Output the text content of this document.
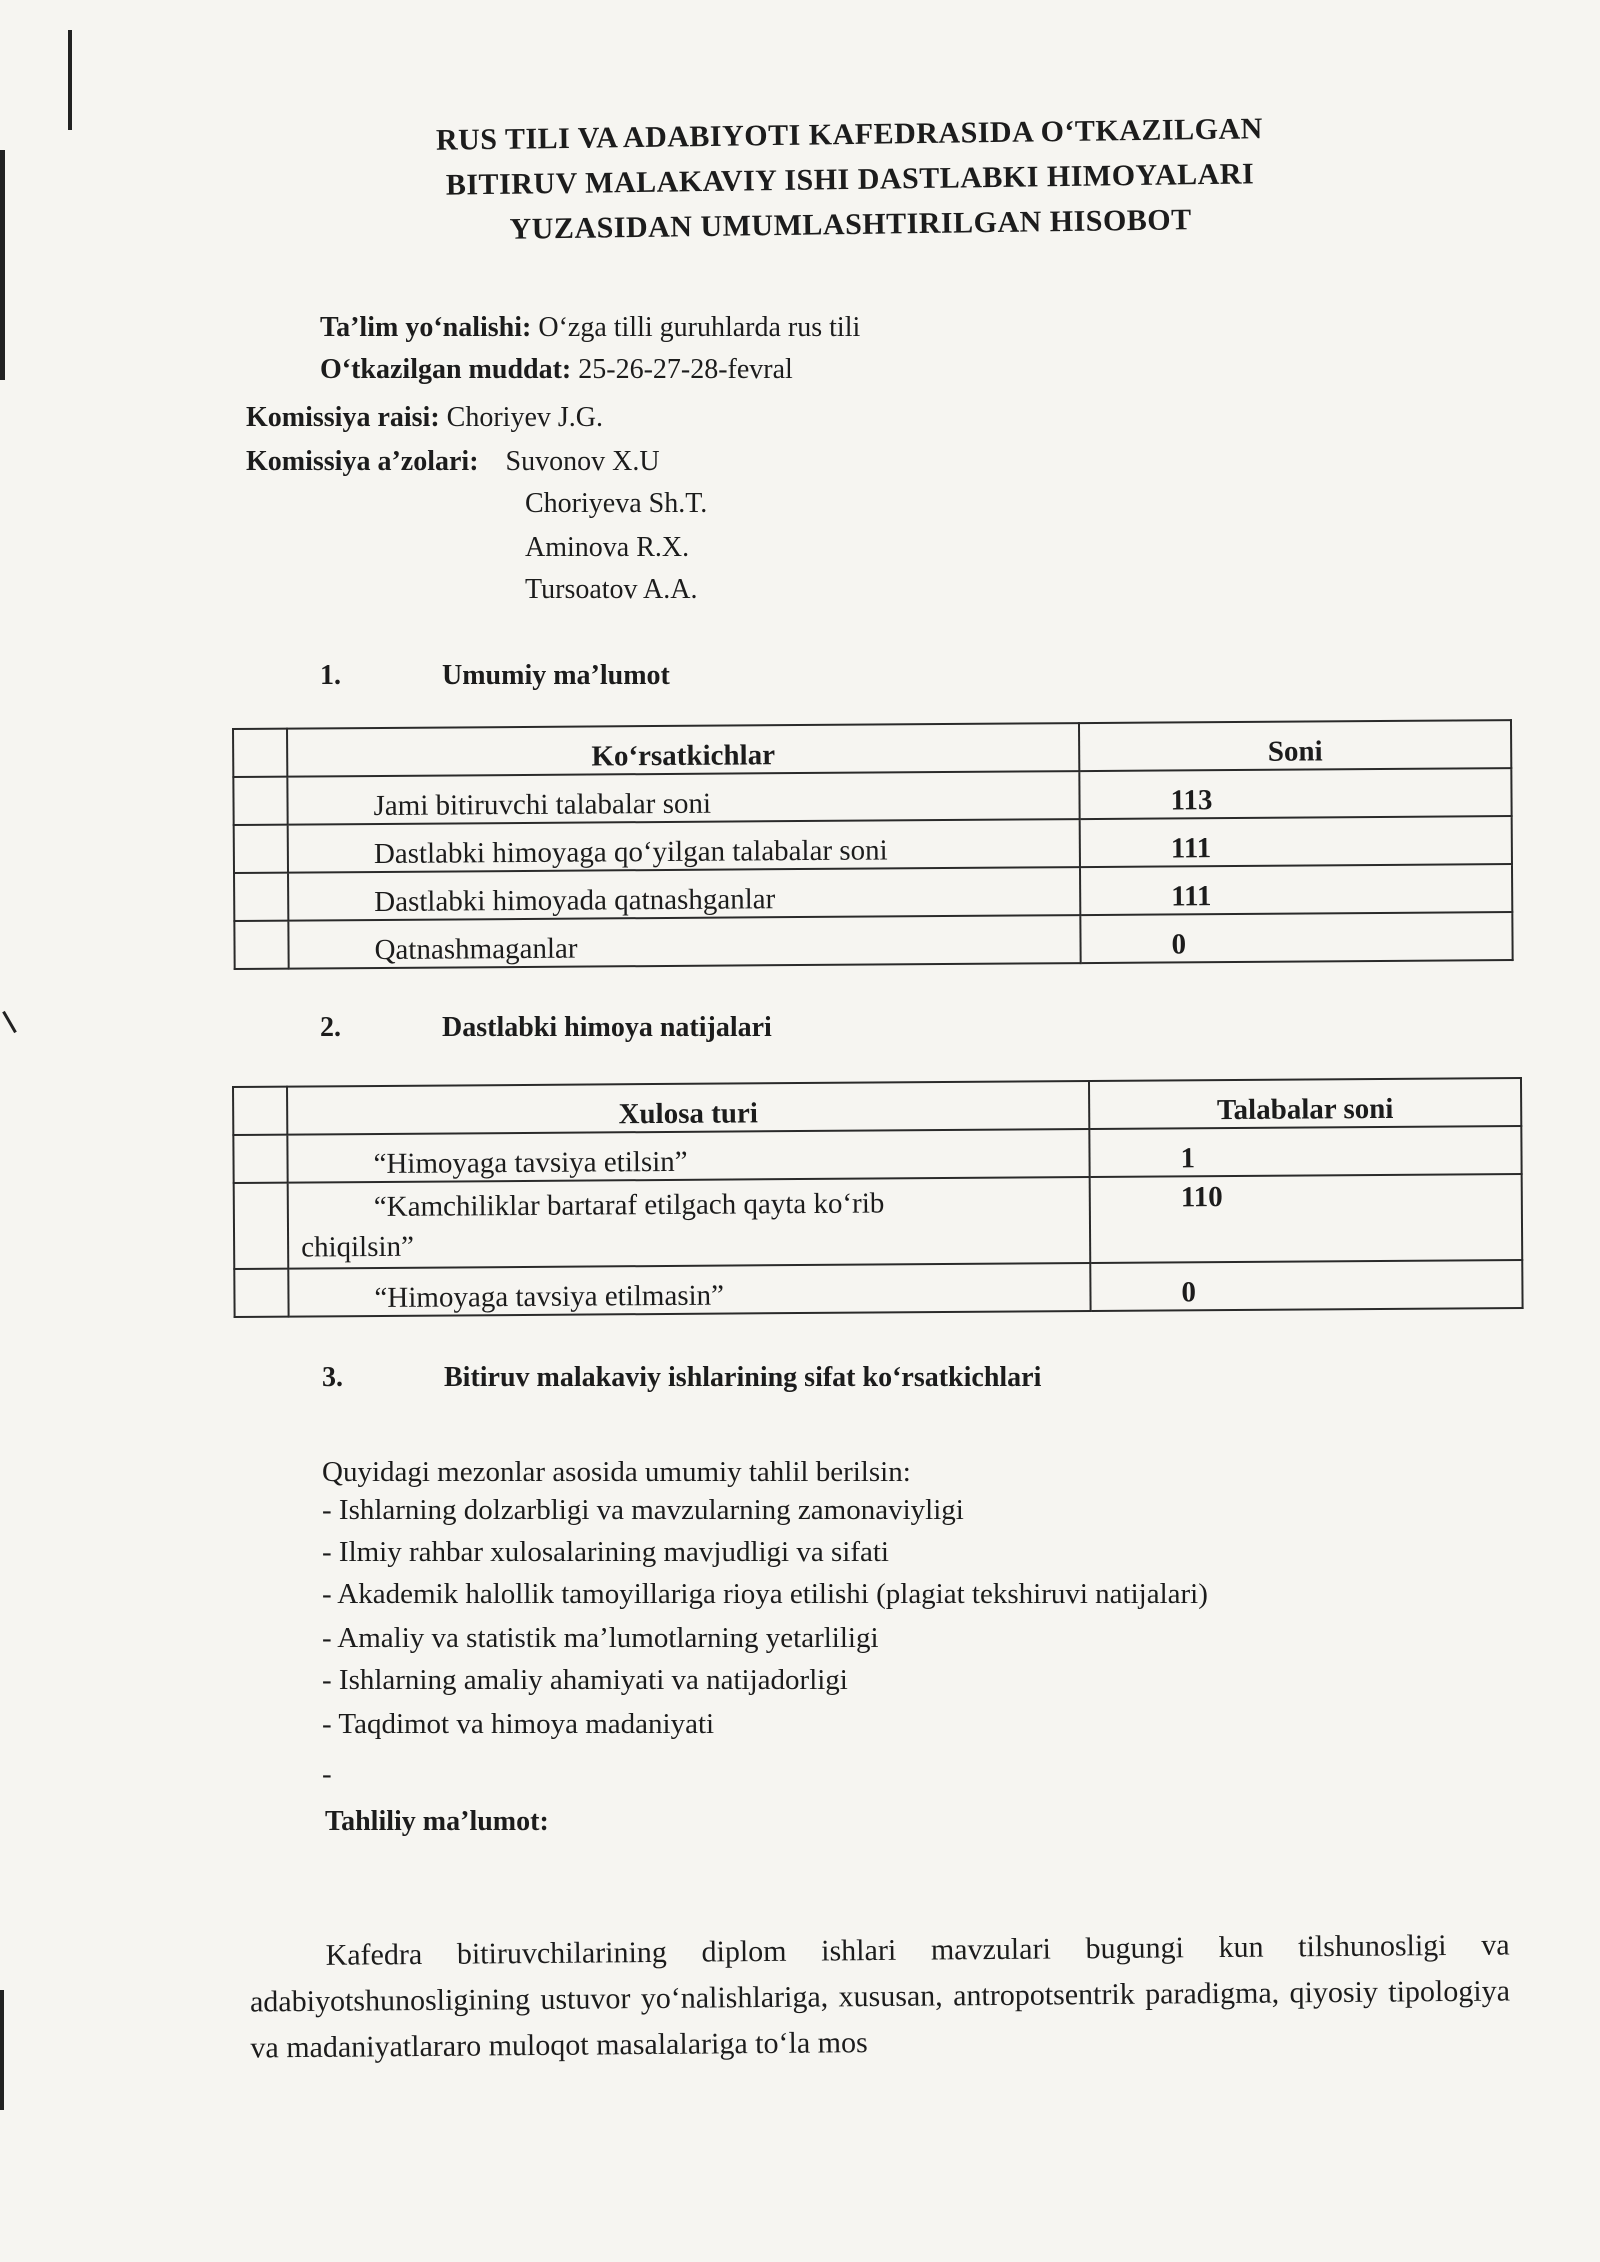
RUS TILI VA ADABIYOTI KAFEDRASIDA O‘TKAZILGAN
BITIRUV MALAKAVIY ISHI DASTLABKI HIMOYALARI
YUZASIDAN UMUMLASHTIRILGAN HISOBOT
Ta’lim yo‘nalishi: O‘zga tilli guruhlarda rus tili
O‘tkazilgan muddat: 25-26-27-28-fevral
Komissiya raisi: Choriyev J.G.
Komissiya a’zolari: Suvonov X.U
Choriyeva Sh.T.
Aminova R.X.
Tursoatov A.A.
1.	Umumiy ma’lumot
	Ko‘rsatkichlar	Soni
	Jami bitiruvchi talabalar soni	113
	Dastlabki himoyaga qo‘yilgan talabalar soni	111
	Dastlabki himoyada qatnashganlar	111
	Qatnashmaganlar	0
2.	Dastlabki himoya natijalari
	Xulosa turi	Talabalar soni
	“Himoyaga tavsiya etilsin”	1

	“Kamchiliklar bartaraf etilgach qayta ko‘rib
chiqilsin”	110
	“Himoyaga tavsiya etilmasin”	0
3.	Bitiruv malakaviy ishlarining sifat ko‘rsatkichlari
Quyidagi mezonlar asosida umumiy tahlil berilsin:
- Ishlarning dolzarbligi va mavzularning zamonaviyligi
- Ilmiy rahbar xulosalarining mavjudligi va sifati
- Akademik halollik tamoyillariga rioya etilishi (plagiat tekshiruvi natijalari)
- Amaliy va statistik ma’lumotlarning yetarliligi
- Ishlarning amaliy ahamiyati va natijadorligi
- Taqdimot va himoya madaniyati
-
Tahliliy ma’lumot:
Kafedra bitiruvchilarining diplom ishlari mavzulari bugungi kun tilshunosligi va adabiyotshunosligining ustuvor yo‘nalishlariga, xususan, antropotsentrik paradigma, qiyosiy tipologiya va madaniyatlararo muloqot masalalariga to‘la mos
